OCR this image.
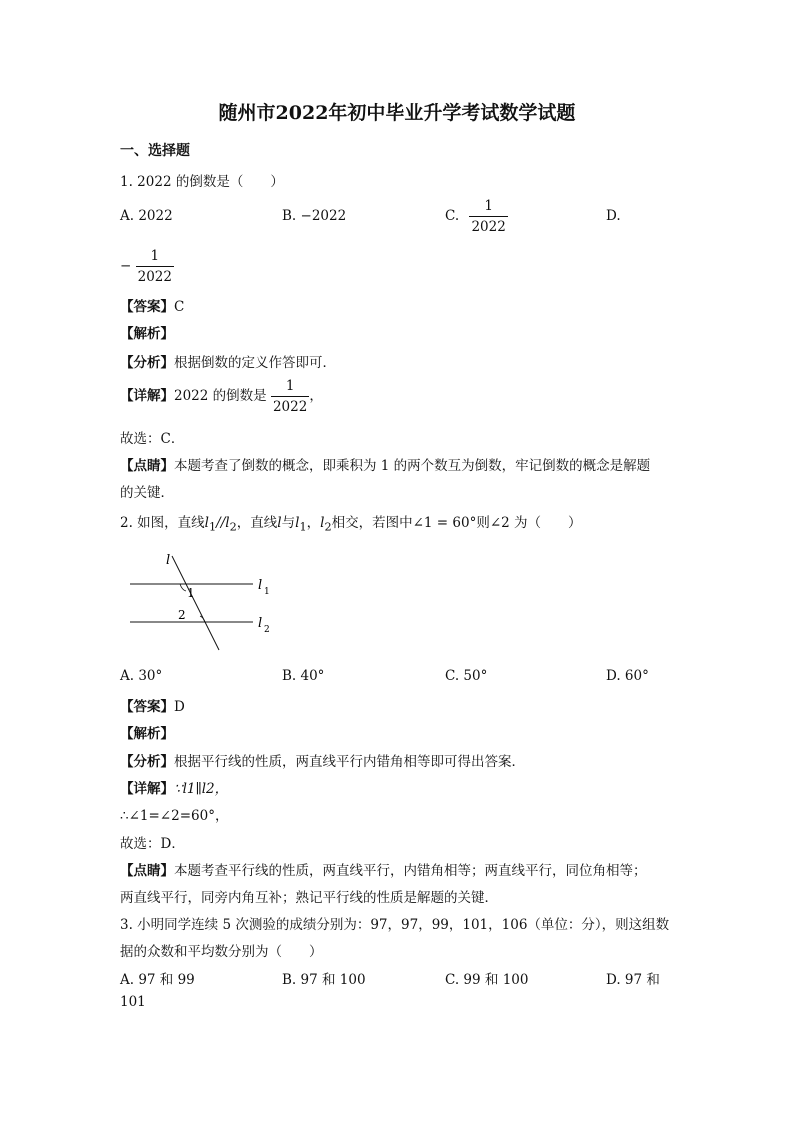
随州市2022年初中毕业升学考试数学试题
一、选择题
1. 2022 的倒数是（　　）
A. 2022	B. −2022	C. $\frac{1}{2022}$	D.
− $\frac{1}{2022}$
【答案】C
【解析】
【分析】根据倒数的定义作答即可．
【详解】2022 的倒数是 $\frac{1}{2022}$ ，
故选：C．
【点睛】本题考查了倒数的概念，即乘积为 1 的两个数互为倒数，牢记倒数的概念是解题
的关键．
2. 如图，直线$l_1//l_2$，直线l与$l_1$，$l_2$相交，若图中∠1 = 60°则∠2 为（　　）
l
1
2
l 1
l 2
A. 30°	B. 40°	C. 50°	D. 60°
【答案】D
【解析】
【分析】根据平行线的性质，两直线平行内错角相等即可得出答案．
【详解】∵l1∥l2，
∴∠1=∠2=60°，
故选：D．
【点睛】本题考查平行线的性质，两直线平行，内错角相等；两直线平行，同位角相等；
两直线平行，同旁内角互补；熟记平行线的性质是解题的关键．
3. 小明同学连续 5 次测验的成绩分别为：97，97，99，101，106（单位：分），则这组数
据的众数和平均数分别为（　　）
A. 97 和 99	B. 97 和 100	C. 99 和 100	D. 97 和
101
